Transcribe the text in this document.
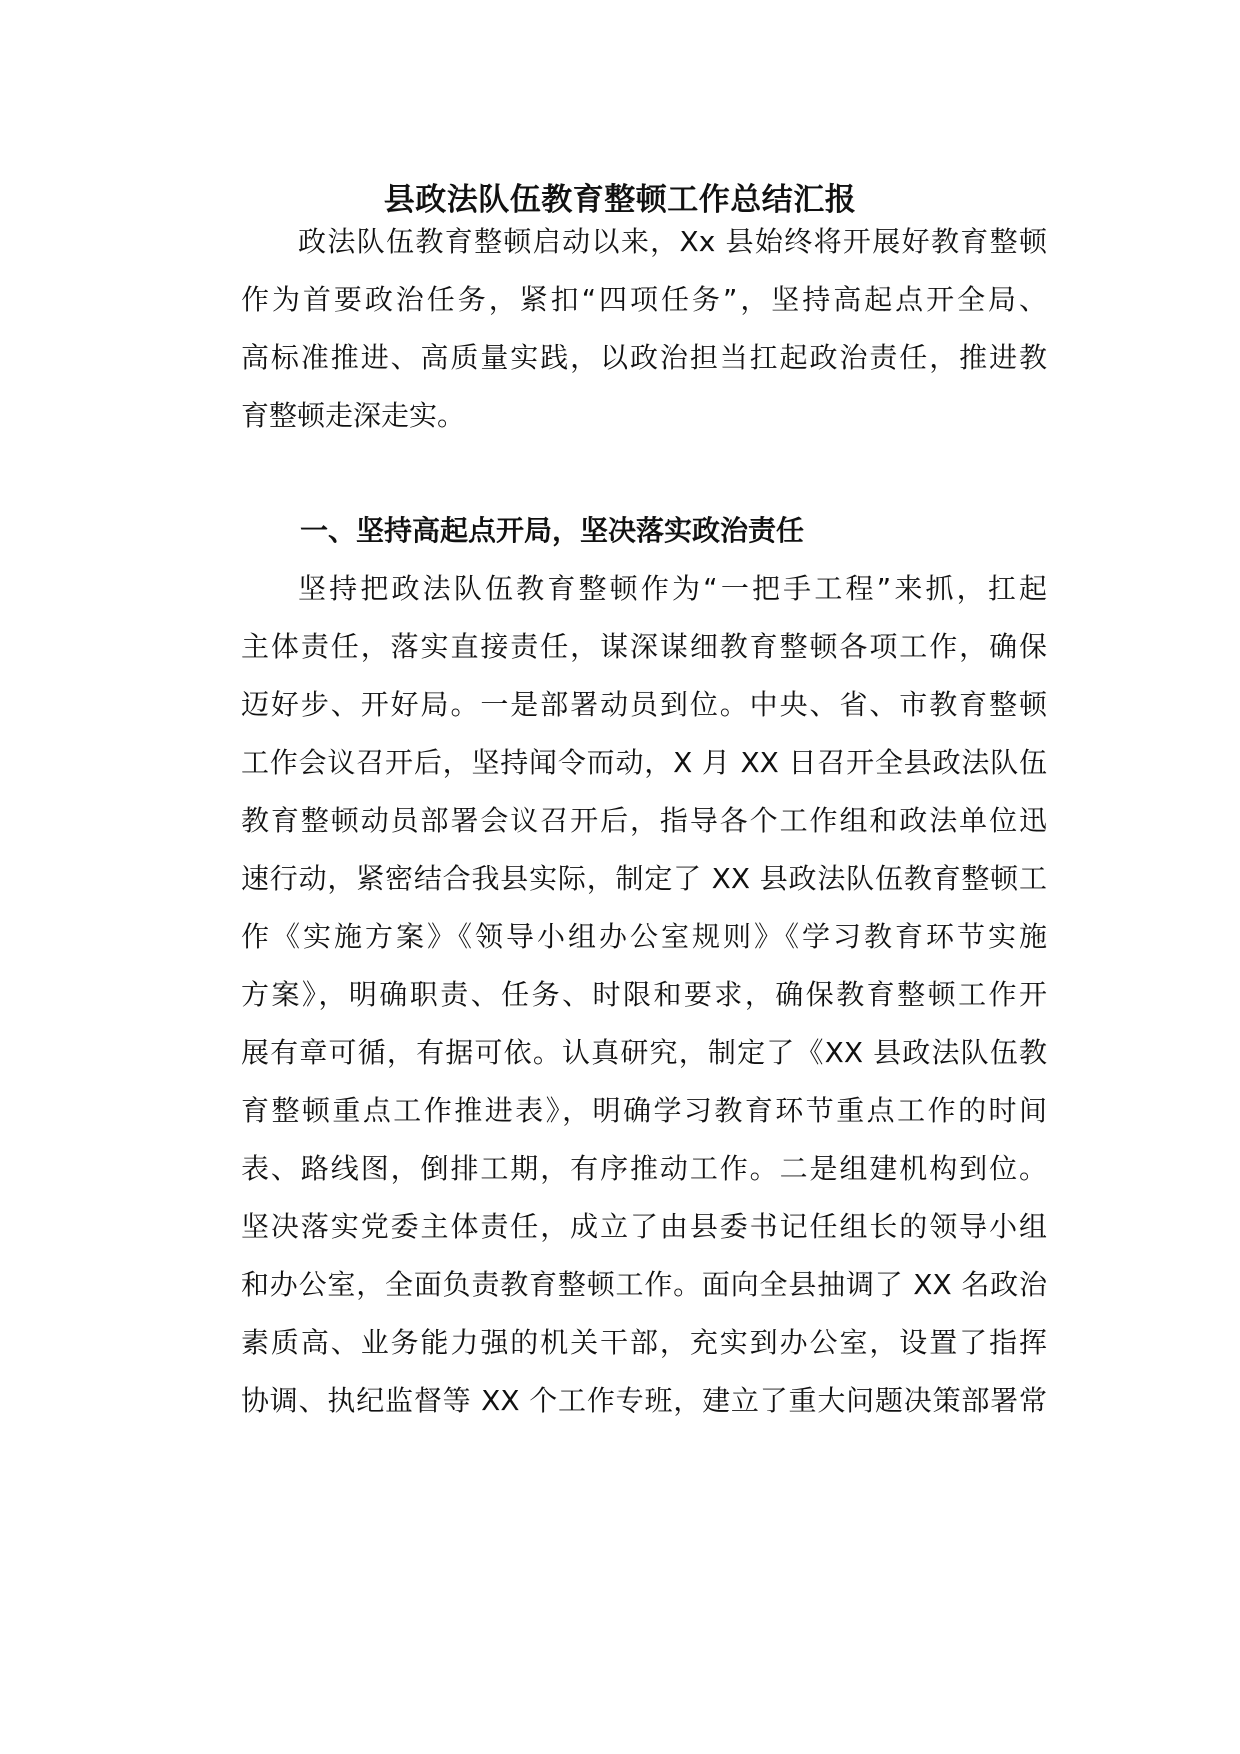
县政法队伍教育整顿工作总结汇报
政法队伍教育整顿启动以来，Xx 县始终将开展好教育整顿
作为首要政治任务，紧扣“四项任务”，坚持高起点开全局、
高标准推进、高质量实践，以政治担当扛起政治责任，推进教
育整顿走深走实。
一、坚持高起点开局，坚决落实政治责任
坚持把政法队伍教育整顿作为“一把手工程”来抓，扛起
主体责任，落实直接责任，谋深谋细教育整顿各项工作，确保
迈好步、开好局。一是部署动员到位。中央、省、市教育整顿
工作会议召开后，坚持闻令而动，X 月 XX 日召开全县政法队伍
教育整顿动员部署会议召开后，指导各个工作组和政法单位迅
速行动，紧密结合我县实际，制定了 XX 县政法队伍教育整顿工
作《实施方案》《领导小组办公室规则》《学习教育环节实施
方案》，明确职责、任务、时限和要求，确保教育整顿工作开
展有章可循，有据可依。认真研究，制定了《XX 县政法队伍教
育整顿重点工作推进表》，明确学习教育环节重点工作的时间
表、路线图，倒排工期，有序推动工作。二是组建机构到位。
坚决落实党委主体责任，成立了由县委书记任组长的领导小组
和办公室，全面负责教育整顿工作。面向全县抽调了 XX 名政治
素质高、业务能力强的机关干部，充实到办公室，设置了指挥
协调、执纪监督等 XX 个工作专班，建立了重大问题决策部署常
